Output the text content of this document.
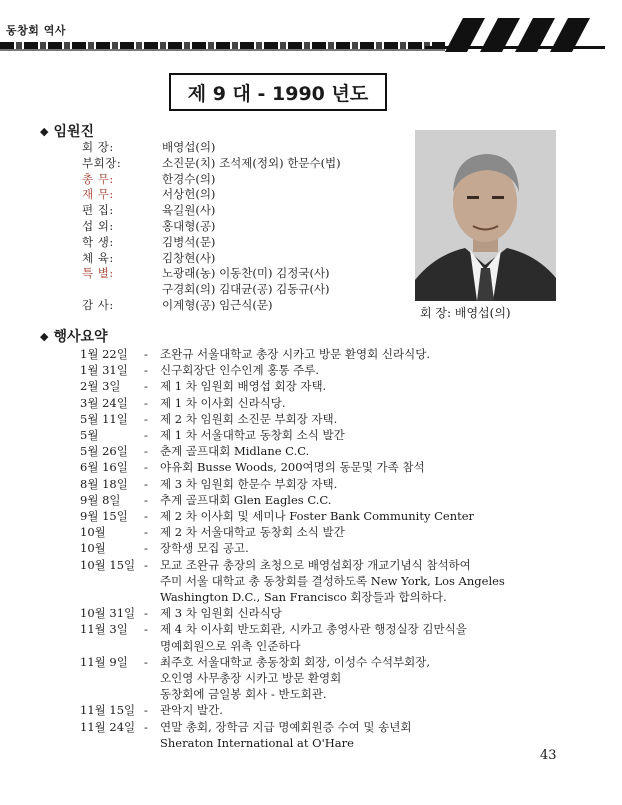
동창회 역사
제 9 대 - 1990 년도
◆ 임원진
회 장:	배영섭(의)
부회장:	소진문(치) 조석제(정외) 한문수(법)
총 무:	한경수(의)
재 무:	서상헌(의)
편 집:	육길원(사)
섭 외:	홍대형(공)
학 생:	김병석(문)
체 육:	김창현(사)
특 별:	노광래(농) 이동찬(미) 김정국(사)
구경회(의) 김대균(공) 김동규(사)
감 사:	이계형(공) 임근식(문)
회 장: 배영섭(의)
◆ 행사요약
1월 22일 - 조완규 서울대학교 총장 시카고 방문 환영회 신라식당.
1월 31일 - 신구회장단 인수인계 홍통 주루.
2월 3일 - 제 1 차 임원회 배영섭 회장 자택.
3월 24일 - 제 1 차 이사회 신라식당.
5월 11일 - 제 2 차 임원회 소진문 부회장 자택.
5월	- 제 1 차 서울대학교 동창회 소식 발간
5월 26일 - 춘계 골프대회 Midlane C.C.
6월 16일 - 야유회 Busse Woods, 200여명의 동문및 가족 참석
8월 18일 - 제 3 차 임원회 한문수 부회장 자택.
9월 8일 - 추계 골프대회 Glen Eagles C.C.
9월 15일 - 제 2 차 이사회 및 세미나 Foster Bank Community Center
10월	- 제 2 차 서울대학교 동창회 소식 발간
10월	- 장학생 모집 공고.
10월 15일 - 모교 조완규 총장의 초청으로 배영섭회장 개교기념식 참석하여
주미 서울 대학교 총 동창회를 결성하도록 New York, Los Angeles
Washington D.C., San Francisco 회장들과 합의하다.
10월 31일 - 제 3 차 임원회 신라식당
11월 3일 - 제 4 차 이사회 반도회관, 시카고 총영사관 행정실장 김만식을
명예회원으로 위촉 인준하다
11월 9일 - 최주호 서울대학교 총동창회 회장, 이성수 수석부회장,
오인영 사무총장 시카고 방문 환영회
동창회에 금일봉 회사 - 반도회관.
11월 15일 - 관악지 발간.
11월 24일 - 연말 총회, 장학금 지급 명예회원증 수여 및 송년회
Sheraton International at O'Hare
43
